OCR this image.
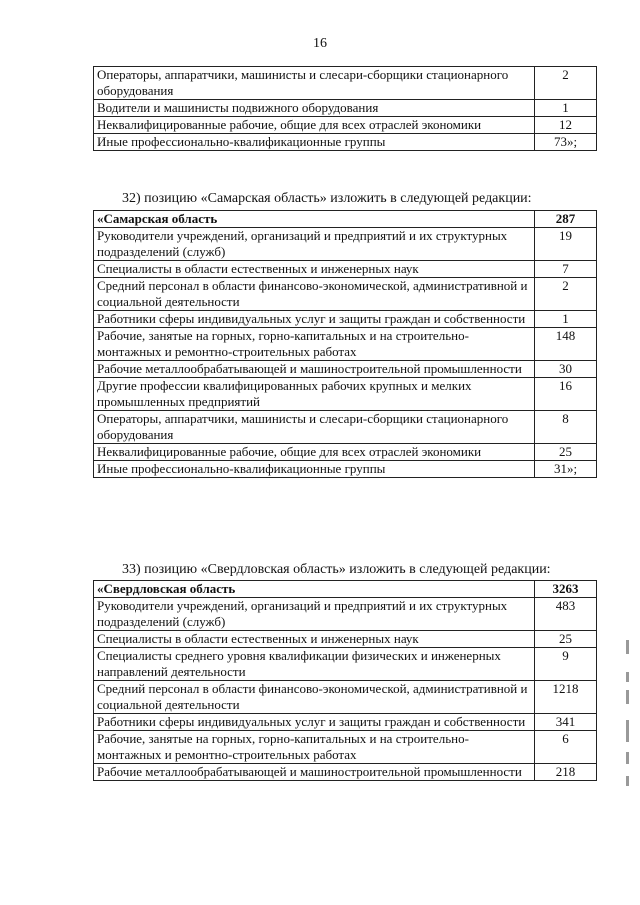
16
Операторы, аппаратчики, машинисты и слесари-сборщики стационарного оборудования	2
Водители и машинисты подвижного оборудования	1
Неквалифицированные рабочие, общие для всех отраслей экономики	12
Иные профессионально-квалификационные группы	73»;
32) позицию «Самарская область» изложить в следующей редакции:
«Самарская область	287
Руководители учреждений, организаций и предприятий и их структурных подразделений (служб)	19
Специалисты в области естественных и инженерных наук	7
Средний персонал в области финансово-экономической, административной и социальной деятельности	2
Работники сферы индивидуальных услуг и защиты граждан и собственности	1
Рабочие, занятые на горных, горно-капитальных и на строительно-монтажных и ремонтно-строительных работах	148
Рабочие металлообрабатывающей и машиностроительной промышленности	30
Другие профессии квалифицированных рабочих крупных и мелких промышленных предприятий	16
Операторы, аппаратчики, машинисты и слесари-сборщики стационарного оборудования	8
Неквалифицированные рабочие, общие для всех отраслей экономики	25
Иные профессионально-квалификационные группы	31»;
33) позицию «Свердловская область» изложить в следующей редакции:
«Свердловская область	3263
Руководители учреждений, организаций и предприятий и их структурных подразделений (служб)	483
Специалисты в области естественных и инженерных наук	25
Специалисты среднего уровня квалификации физических и инженерных направлений деятельности	9
Средний персонал в области финансово-экономической, административной и социальной деятельности	1218
Работники сферы индивидуальных услуг и защиты граждан и собственности	341
Рабочие, занятые на горных, горно-капитальных и на строительно-монтажных и ремонтно-строительных работах	6
Рабочие металлообрабатывающей и машиностроительной промышленности	218
